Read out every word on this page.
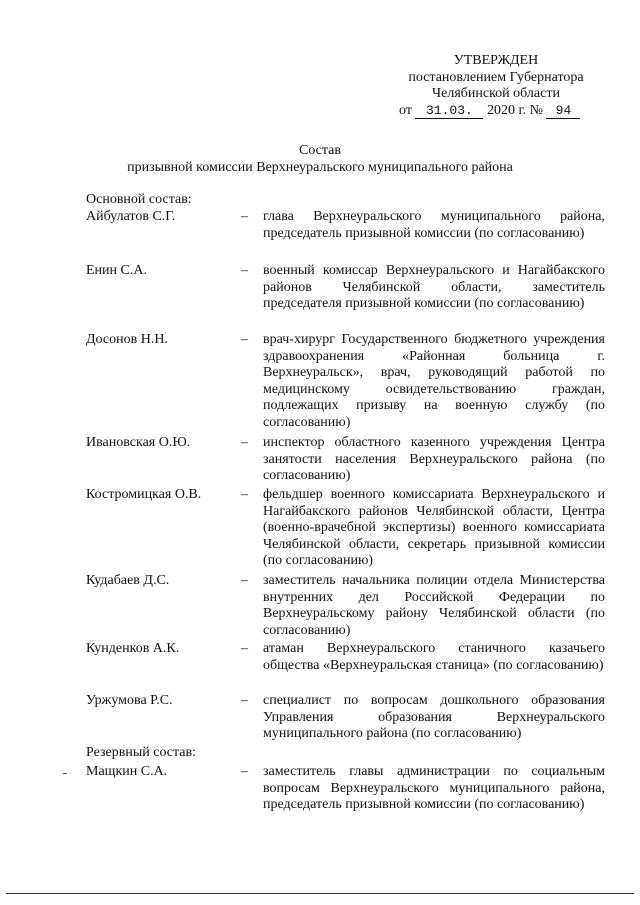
УТВЕРЖДЕН
постановлением Губернатора
Челябинской области
от 31.03. 2020 г. № 94
Состав
призывной комиссии Верхнеуральского муниципального района
Основной состав:
Айбулатов С.Г.	– глава Верхнеуральского муниципального района, председатель призывной комиссии (по согласованию)
Енин С.А.	– военный комиссар Верхнеуральского и Нагайбакского районов Челябинской области, заместитель председателя призывной комиссии (по согласованию)
Досонов Н.Н.	– врач-хирург Государственного бюджетного учреждения здравоохранения «Районная больница г. Верхнеуральск», врач, руководящий работой по медицинскому освидетельствованию граждан, подлежащих призыву на военную службу (по согласованию)
Ивановская О.Ю.	– инспектор областного казенного учреждения Центра занятости населения Верхнеуральского района (по согласованию)
Костромицкая О.В.	– фельдшер военного комиссариата Верхнеуральского и Нагайбакского районов Челябинской области, Центра (военно-врачебной экспертизы) военного комиссариата Челябинской области, секретарь призывной комиссии (по согласованию)
Кудабаев Д.С.	– заместитель начальника полиции отдела Министерства внутренних дел Российской Федерации по Верхнеуральскому району Челябинской области (по согласованию)
Кунденков А.К.	– атаман Верхнеуральского станичного казачьего общества «Верхнеуральская станица» (по согласованию)
Уржумова Р.С.	– специалист по вопросам дошкольного образования Управления образования Верхнеуральского муниципального района (по согласованию)
Резервный состав:
Мащкин С.А.	– заместитель главы администрации по социальным вопросам Верхнеуральского муниципального района, председатель призывной комиссии (по согласованию)
